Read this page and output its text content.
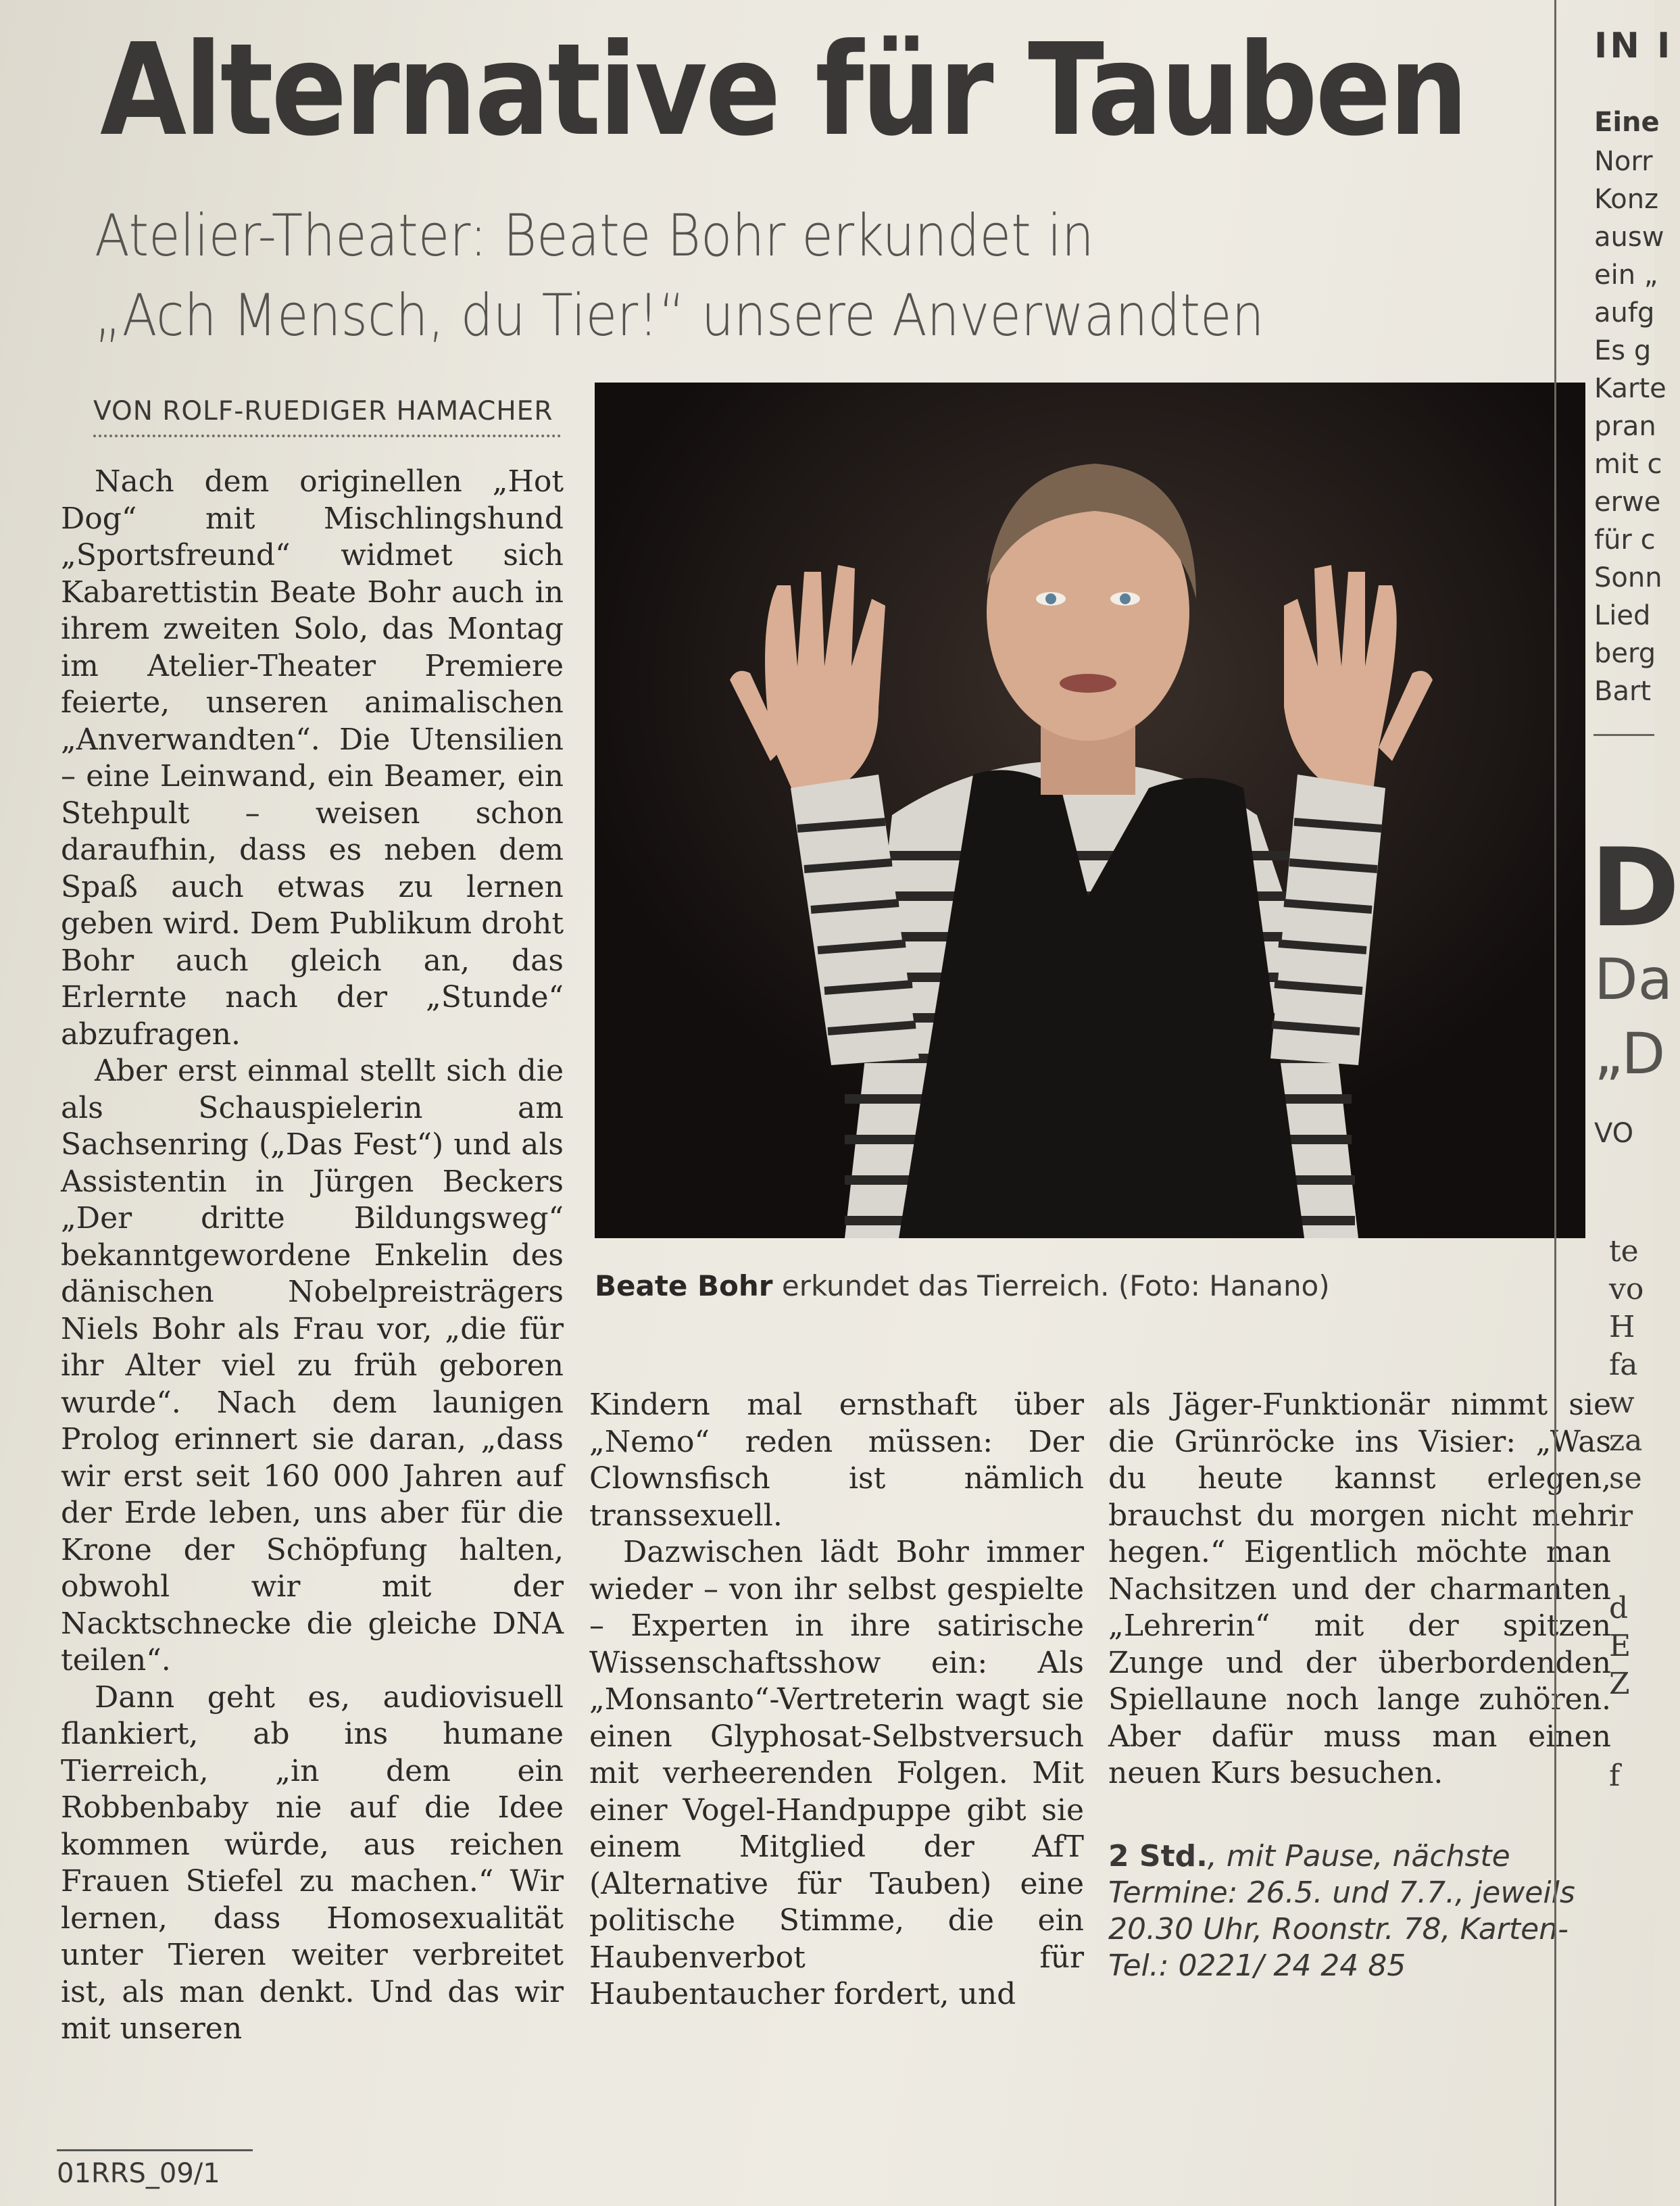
Alternative für Tauben
Atelier-Theater: Beate Bohr erkundet in
„Ach Mensch, du Tier!“ unsere Anverwandten
VON ROLF-RUEDIGER HAMACHER

Nach dem originellen „Hot Dog“ mit Mischlingshund „Sportsfreund“ widmet sich Kabarettistin Beate Bohr auch in ihrem zweiten Solo, das Montag im Atelier-Theater Premiere feierte, unseren animalischen „Anverwandten“. Die Utensilien – eine Leinwand, ein Beamer, ein Stehpult – weisen schon daraufhin, dass es neben dem Spaß auch etwas zu lernen geben wird. Dem Publikum droht Bohr auch gleich an, das Erlernte nach der „Stunde“ abzufragen.

Aber erst einmal stellt sich die als Schauspielerin am Sachsenring („Das Fest“) und als Assistentin in Jürgen Beckers „Der dritte Bildungsweg“ bekanntgewordene Enkelin des dänischen Nobelpreisträgers Niels Bohr als Frau vor, „die für ihr Alter viel zu früh geboren wurde“. Nach dem launigen Prolog erinnert sie daran, „dass wir erst seit 160 000 Jahren auf der Erde leben, uns aber für die Krone der Schöpfung halten, obwohl wir mit der Nacktschnecke die gleiche DNA teilen“.

Dann geht es, audiovisuell flankiert, ab ins humane Tierreich, „in dem ein Robbenbaby nie auf die Idee kommen würde, aus reichen Frauen Stiefel zu machen.“ Wir lernen, dass Homosexualität unter Tieren weiter verbreitet ist, als man denkt. Und das wir mit unseren

Beate Bohr erkundet das Tierreich. (Foto: Hanano)

Kindern mal ernsthaft über „Nemo“ reden müssen: Der Clownsfisch ist nämlich transsexuell.

Dazwischen lädt Bohr immer wieder – von ihr selbst gespielte – Experten in ihre satirische Wissenschaftsshow ein: Als „Monsanto“-Vertreterin wagt sie einen Glyphosat-Selbstversuch mit verheerenden Folgen. Mit einer Vogel-Handpuppe gibt sie einem Mitglied der AfT (Alternative für Tauben) eine politische Stimme, die ein Haubenverbot für Haubentaucher fordert, und

als Jäger-Funktionär nimmt sie die Grünröcke ins Visier: „Was du heute kannst erlegen, brauchst du morgen nicht mehr hegen.“ Eigentlich möchte man Nachsitzen und der charmanten „Lehrerin“ mit der spitzen Zunge und der überbordenden Spiellaune noch lange zuhören. Aber dafür muss man einen neuen Kurs besuchen.

2 Std., mit Pause, nächste Termine: 26.5. und 7.7., jeweils 20.30 Uhr, Roonstr. 78, Karten-Tel.: 0221/ 24 24 85

01RRS_09/1
IN I
Eine
Norr
Konz
ausw
ein „
aufg
Es g
Karte
pran
mit c
erwe
für c
Sonn
Lied
berg
Bart
D
Da
„D
VO
te
vo
H
fa
w
za
se
ir
d
E
Z
f
